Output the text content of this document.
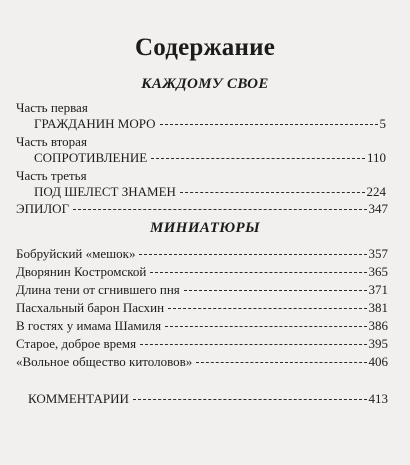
Содержание
КАЖДОМУ СВОЕ
Часть первая
ГРАЖДАНИН МОРО	5
Часть вторая
СОПРОТИВЛЕНИЕ	110
Часть третья
ПОД ШЕЛЕСТ ЗНАМЕН	224
ЭПИЛОГ	347
МИНИАТЮРЫ
Бобруйский «мешок»	357
Дворянин Костромской	365
Длина тени от сгнившего пня	371
Пасхальный барон Пасхин	381
В гостях у имама Шамиля	386
Старое, доброе время	395
«Вольное общество китоловов»	406
КОММЕНТАРИИ	413
